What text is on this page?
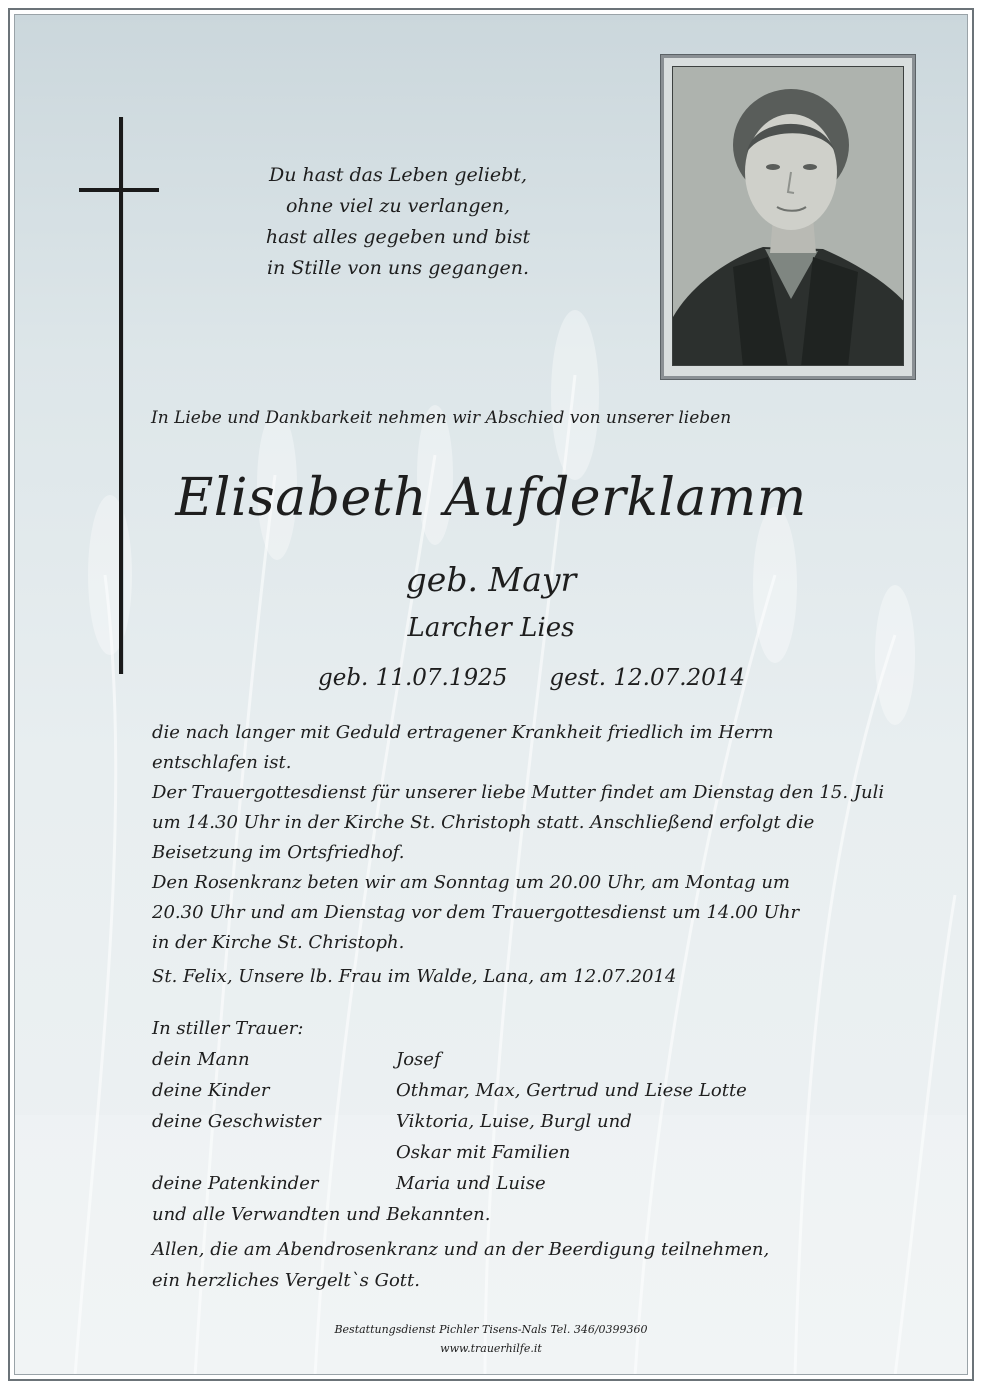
Du hast das Leben geliebt,
ohne viel zu verlangen,
hast alles gegeben und bist
in Stille von uns gegangen.
In Liebe und Dankbarkeit nehmen wir Abschied von unserer lieben
Elisabeth Aufderklamm
geb. Mayr
Larcher Lies
geb. 11.07.1925 gest. 12.07.2014
die nach langer mit Geduld ertragener Krankheit friedlich im Herrn
entschlafen ist.
Der Trauergottesdienst für unserer liebe Mutter findet am Dienstag den 15. Juli
um 14.30 Uhr in der Kirche St. Christoph statt. Anschließend erfolgt die
Beisetzung im Ortsfriedhof.
Den Rosenkranz beten wir am Sonntag um 20.00 Uhr, am Montag um
20.30 Uhr und am Dienstag vor dem Trauergottesdienst um 14.00 Uhr
in der Kirche St. Christoph.
St. Felix, Unsere lb. Frau im Walde, Lana, am 12.07.2014
In stiller Trauer:
dein Mann	Josef
deine Kinder	Othmar, Max, Gertrud und Liese Lotte
deine Geschwister	Viktoria, Luise, Burgl und
Oskar mit Familien
deine Patenkinder	Maria und Luise
und alle Verwandten und Bekannten.
Allen, die am Abendrosenkranz und an der Beerdigung teilnehmen,
ein herzliches Vergelt`s Gott.
Bestattungsdienst Pichler Tisens-Nals Tel. 346/0399360
www.trauerhilfe.it
